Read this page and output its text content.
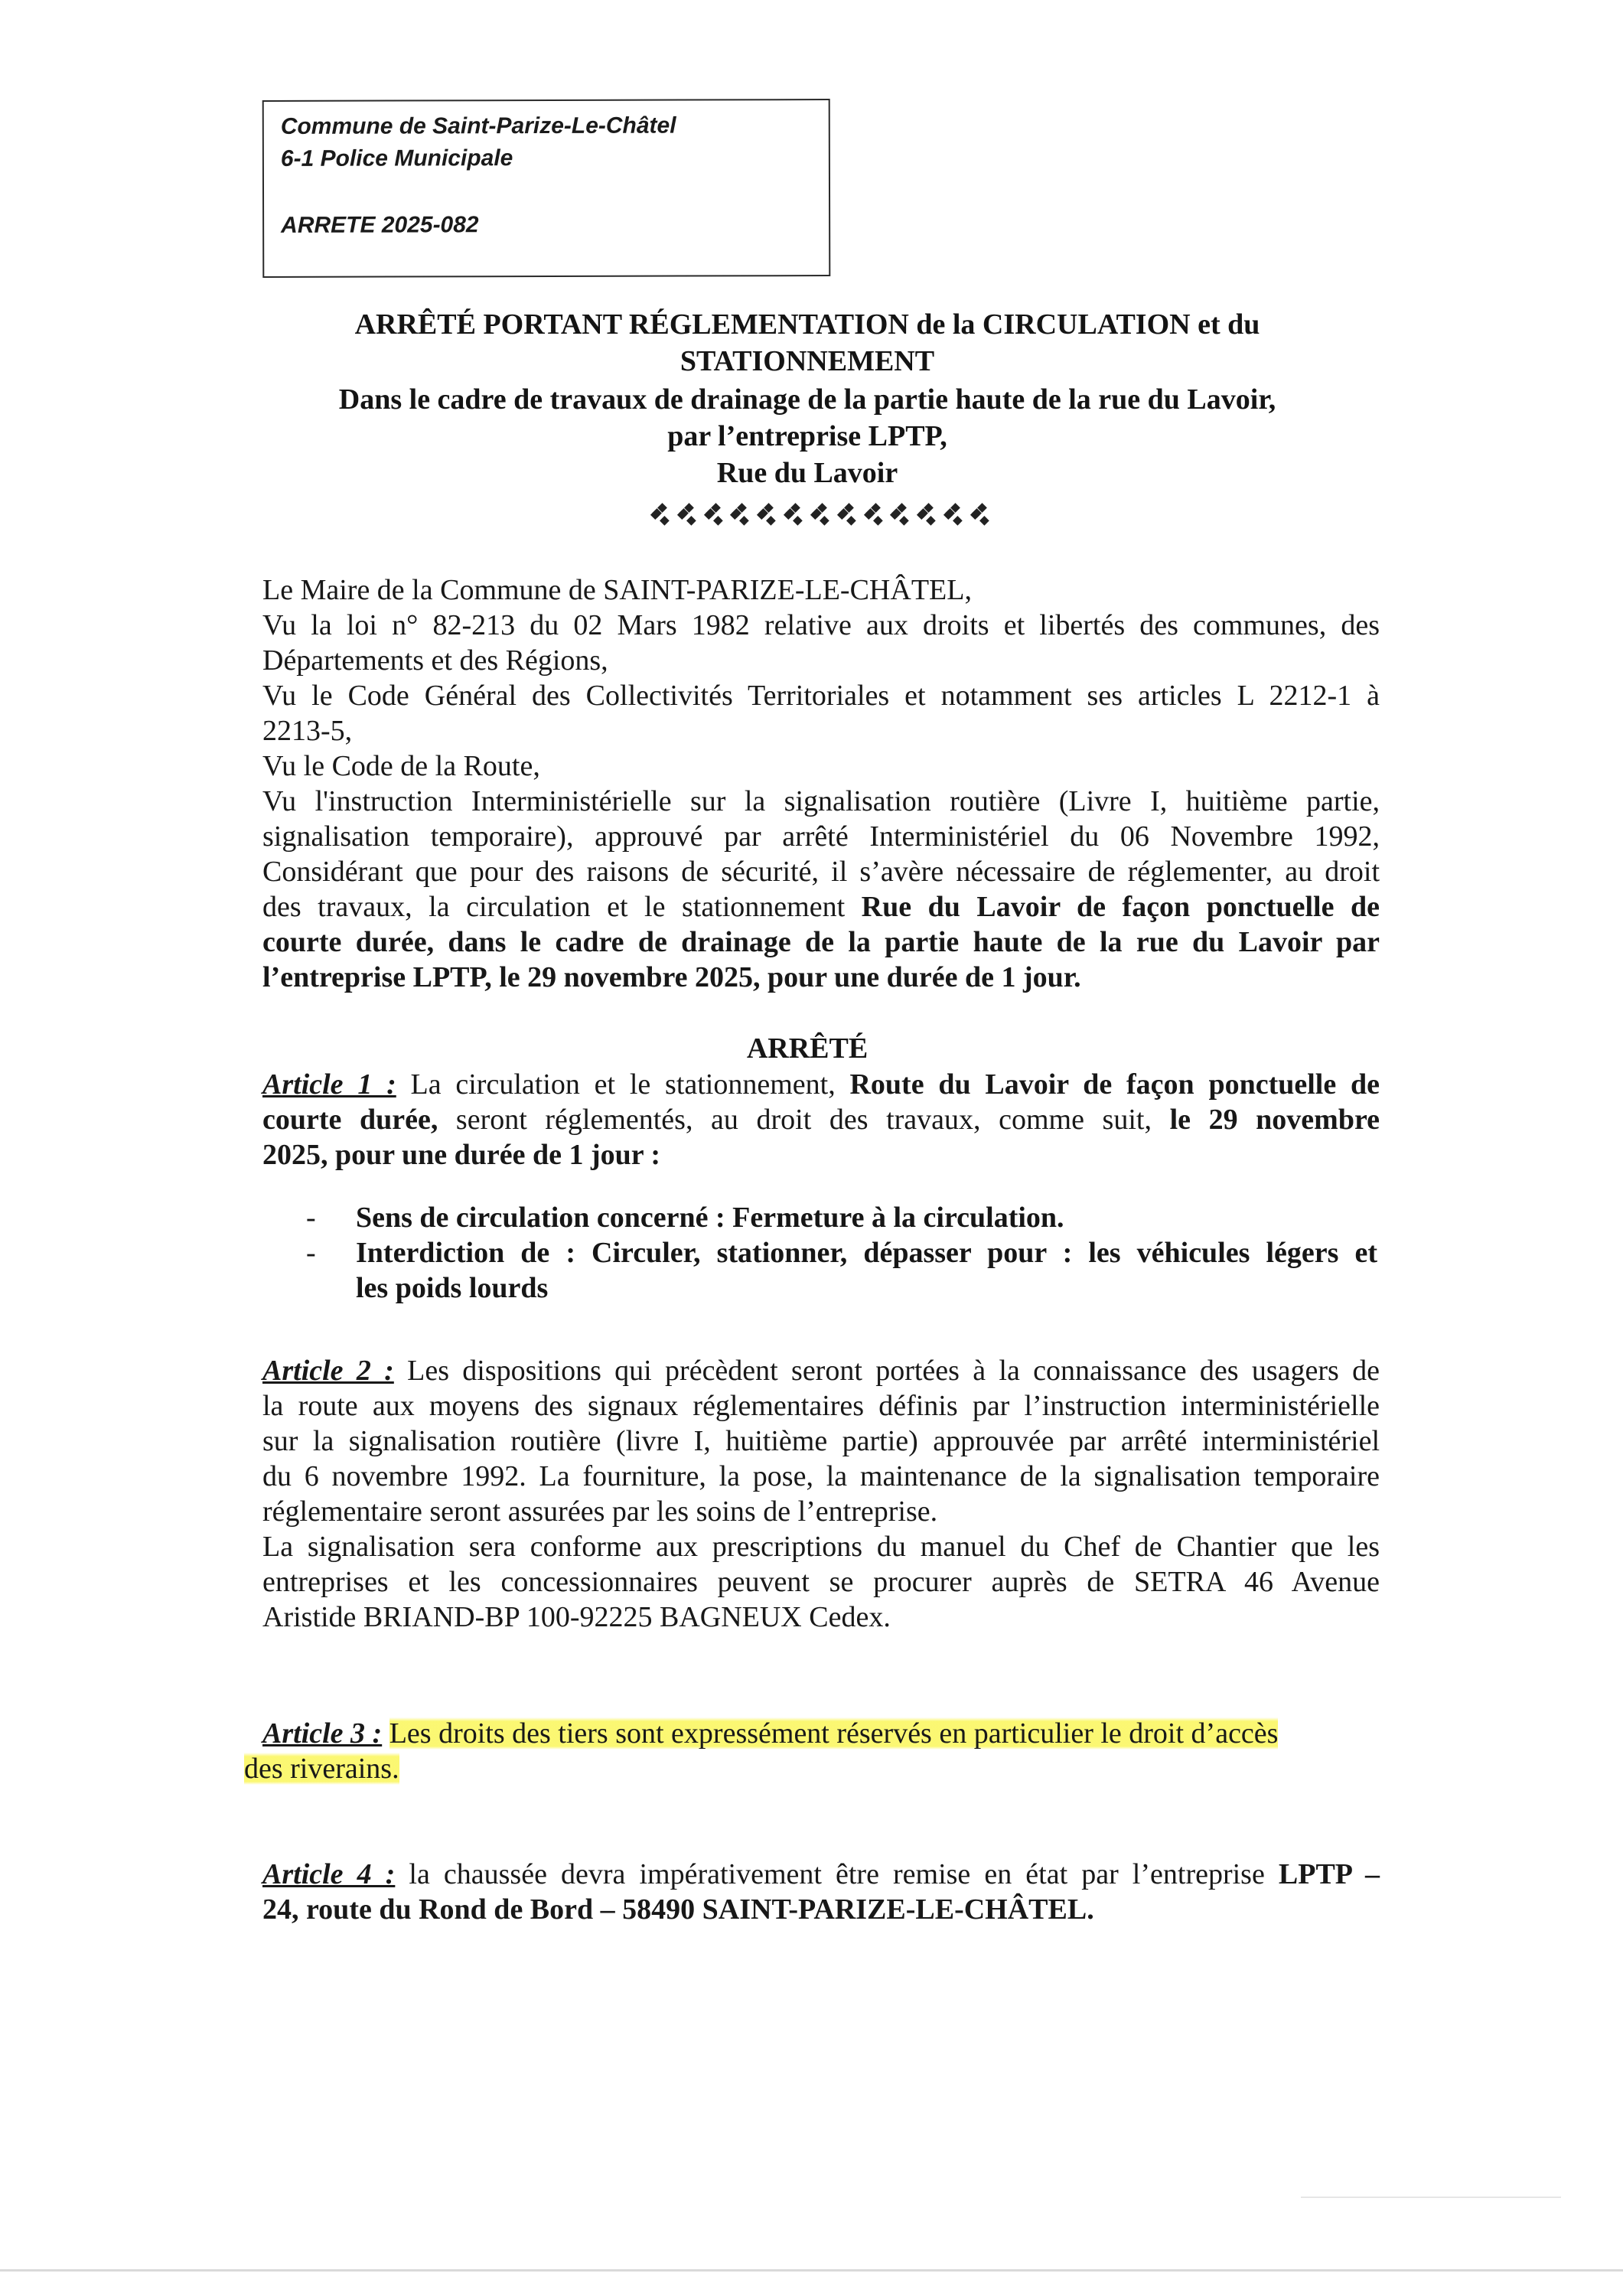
Commune de Saint-Parize-Le-Châtel
6-1 Police Municipale
ARRETE 2025-082
ARRÊTÉ PORTANT RÉGLEMENTATION de la CIRCULATION et du
STATIONNEMENT
Dans le cadre de travaux de drainage de la partie haute de la rue du Lavoir,
par l’entreprise LPTP,
Rue du Lavoir
Le Maire de la Commune de SAINT-PARIZE-LE-CHÂTEL,
Vu la loi n° 82-213 du 02 Mars 1982 relative aux droits et libertés des communes, des
Départements et des Régions,
Vu le Code Général des Collectivités Territoriales et notamment ses articles L 2212-1 à
2213-5,
Vu le Code de la Route,
Vu l'instruction Interministérielle sur la signalisation routière (Livre I, huitième partie,
signalisation temporaire), approuvé par arrêté Interministériel du 06 Novembre 1992,
Considérant que pour des raisons de sécurité, il s’avère nécessaire de réglementer, au droit
des travaux, la circulation et le stationnement Rue du Lavoir de façon ponctuelle de
courte durée, dans le cadre de drainage de la partie haute de la rue du Lavoir par
l’entreprise LPTP, le 29 novembre 2025, pour une durée de 1 jour.
ARRÊTÉ
Article 1 : La circulation et le stationnement, Route du Lavoir de façon ponctuelle de
courte durée, seront réglementés, au droit des travaux, comme suit, le 29 novembre
2025, pour une durée de 1 jour :
- Sens de circulation concerné : Fermeture à la circulation.
- Interdiction de : Circuler, stationner, dépasser pour : les véhicules légers et
les poids lourds
Article 2 : Les dispositions qui précèdent seront portées à la connaissance des usagers de
la route aux moyens des signaux réglementaires définis par l’instruction interministérielle
sur la signalisation routière (livre I, huitième partie) approuvée par arrêté interministériel
du 6 novembre 1992. La fourniture, la pose, la maintenance de la signalisation temporaire
réglementaire seront assurées par les soins de l’entreprise.
La signalisation sera conforme aux prescriptions du manuel du Chef de Chantier que les
entreprises et les concessionnaires peuvent se procurer auprès de SETRA 46 Avenue
Aristide BRIAND-BP 100-92225 BAGNEUX Cedex.
Article 3 : Les droits des tiers sont expressément réservés en particulier le droit d’accès
des riverains.
Article 4 : la chaussée devra impérativement être remise en état par l’entreprise LPTP –
24, route du Rond de Bord – 58490 SAINT-PARIZE-LE-CHÂTEL.
